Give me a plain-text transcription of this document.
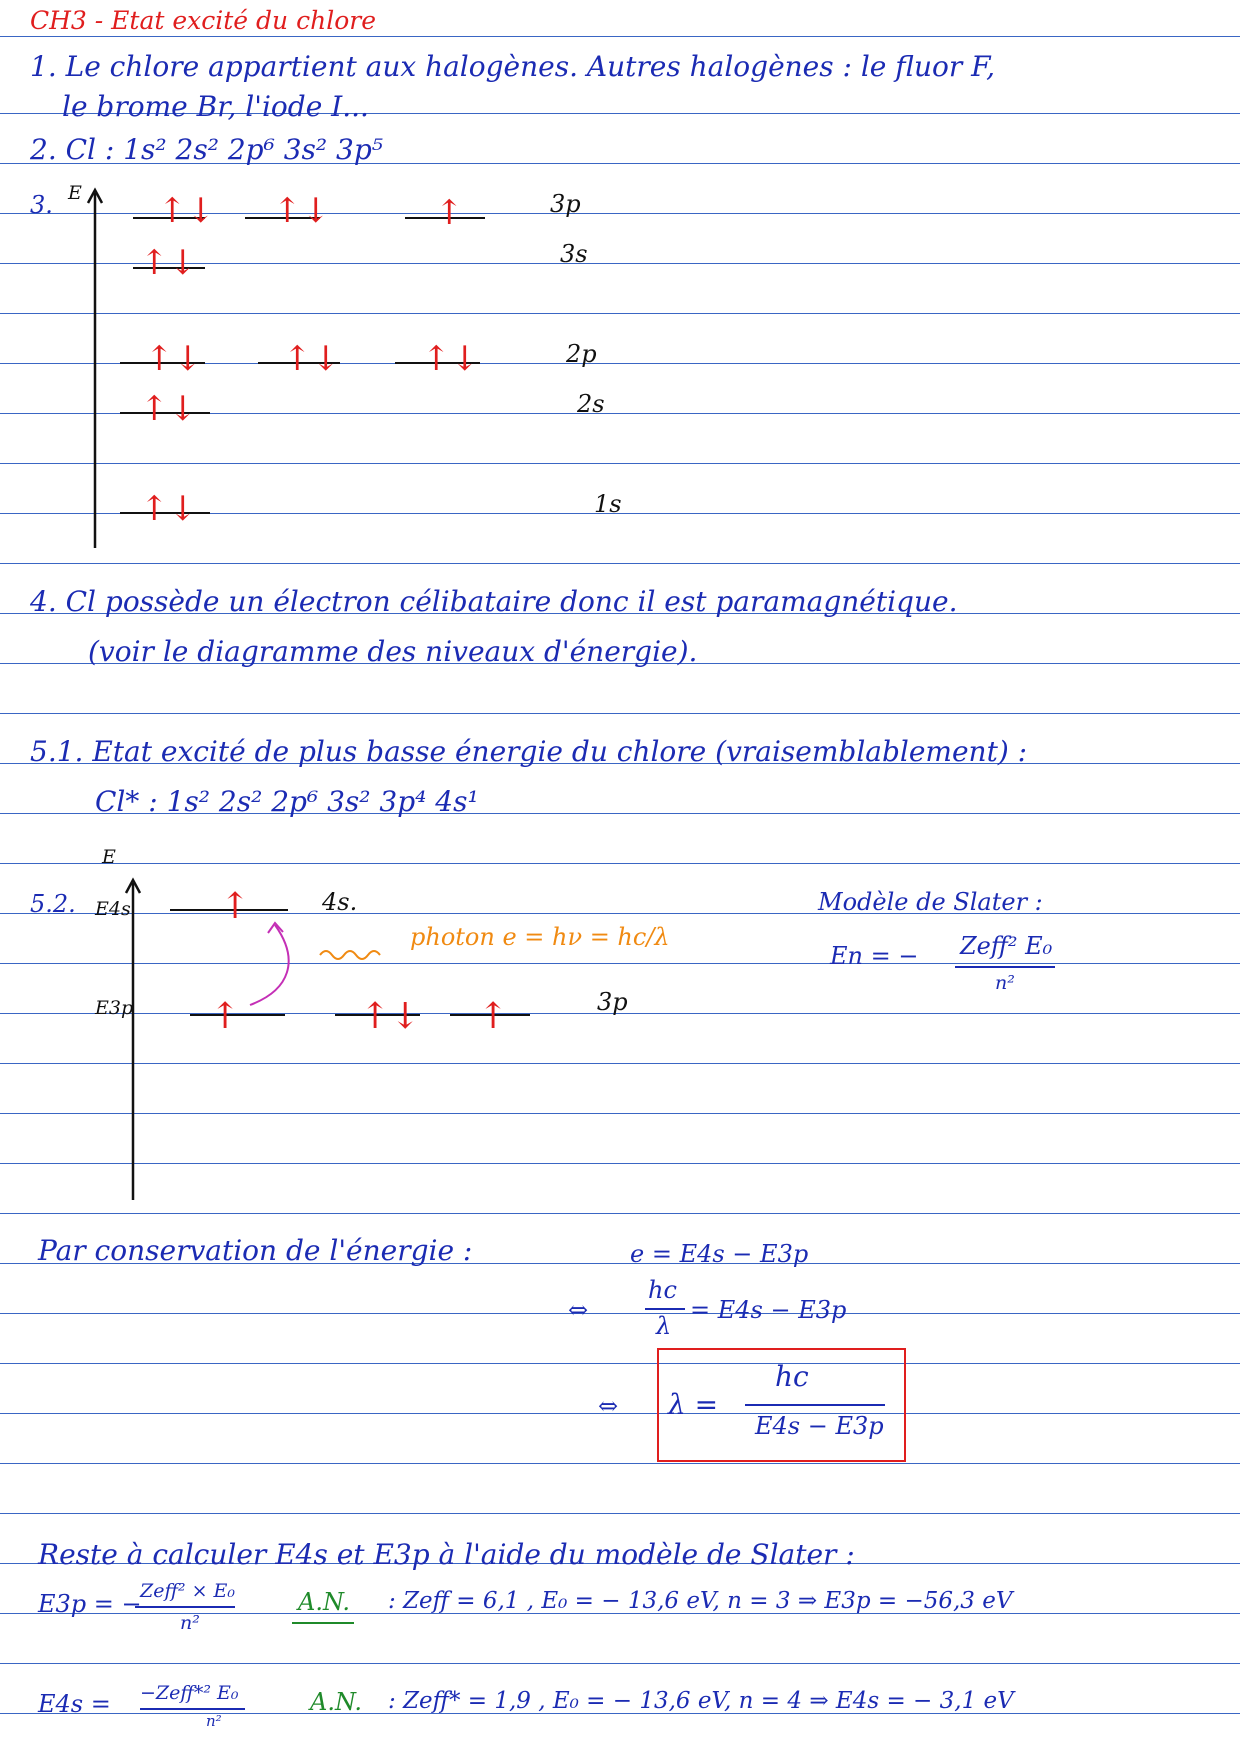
CH3 - Etat excité du chlore
1. Le chlore appartient aux halogènes. Autres halogènes : le fluor F,
le brome Br, l'iode I...
2. Cl : 1s² 2s² 2p⁶ 3s² 3p⁵
3. E ↑↓ ↑↓	↑
↑↓
↑↓ ↑↓ ↑↓
↑↓
↑↓
3p
3s
2p
2s
1s
4. Cl possède un électron célibataire donc il est paramagnétique.
(voir le diagramme des niveaux d'énergie).
5.1. Etat excité de plus basse énergie du chlore (vraisemblablement) :
Cl* : 1s² 2s² 2p⁶ 3s² 3p⁴ 4s¹
5.2.
E
E4s
E3p
↑
↑	↑↓ ↑
4s.
3p
photon e = hν = hc/λ
Modèle de Slater :
En = − Zeff² E₀
n²
Par conservation de l'énergie :	e = E4s − E3p
⇔
hc
λ
= E4s − E3p
⇔ λ =
hc
E4s − E3p
Reste à calculer E4s et E3p à l'aide du modèle de Slater :
E3p = −
Zeff² × E₀
n²
A.N. : Zeff = 6,1 , E₀ = − 13,6 eV, n = 3 ⇒ E3p = −56,3 eV
E4s = −Zeff*² E₀
n²
A.N. : Zeff* = 1,9 , E₀ = − 13,6 eV, n = 4 ⇒ E4s = − 3,1 eV
